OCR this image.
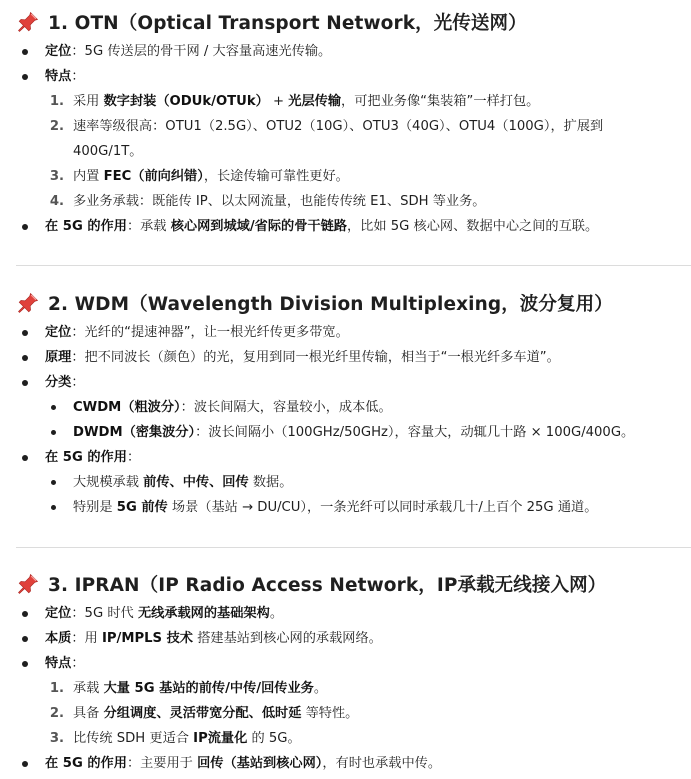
1. OTN（Optical Transport Network，光传送网）
定位：5G 传送层的骨干网 / 大容量高速光传输。
特点：
1. 采用 数字封装（ODUk/OTUk） + 光层传输，可把业务像“集装箱”一样打包。
2. 速率等级很高：OTU1（2.5G）、OTU2（10G）、OTU3（40G）、OTU4（100G），扩展到
400G/1T。
3. 内置 FEC（前向纠错），长途传输可靠性更好。
4. 多业务承载：既能传 IP、以太网流量，也能传传统 E1、SDH 等业务。
在 5G 的作用：承载 核心网到城域/省际的骨干链路，比如 5G 核心网、数据中心之间的互联。
2. WDM（Wavelength Division Multiplexing，波分复用）
定位：光纤的“提速神器”，让一根光纤传更多带宽。
原理：把不同波长（颜色）的光，复用到同一根光纤里传输，相当于“一根光纤多车道”。
分类：
CWDM（粗波分）：波长间隔大，容量较小，成本低。
DWDM（密集波分）：波长间隔小（100GHz/50GHz），容量大，动辄几十路 × 100G/400G。
在 5G 的作用：
大规模承载 前传、中传、回传 数据。
特别是 5G 前传 场景（基站 → DU/CU），一条光纤可以同时承载几十/上百个 25G 通道。
3. IPRAN（IP Radio Access Network，IP承载无线接入网）
定位：5G 时代 无线承载网的基础架构。
本质：用 IP/MPLS 技术 搭建基站到核心网的承载网络。
特点：
1. 承载 大量 5G 基站的前传/中传/回传业务。
2. 具备 分组调度、灵活带宽分配、低时延 等特性。
3. 比传统 SDH 更适合 IP流量化 的 5G。
在 5G 的作用：主要用于 回传（基站到核心网），有时也承载中传。
